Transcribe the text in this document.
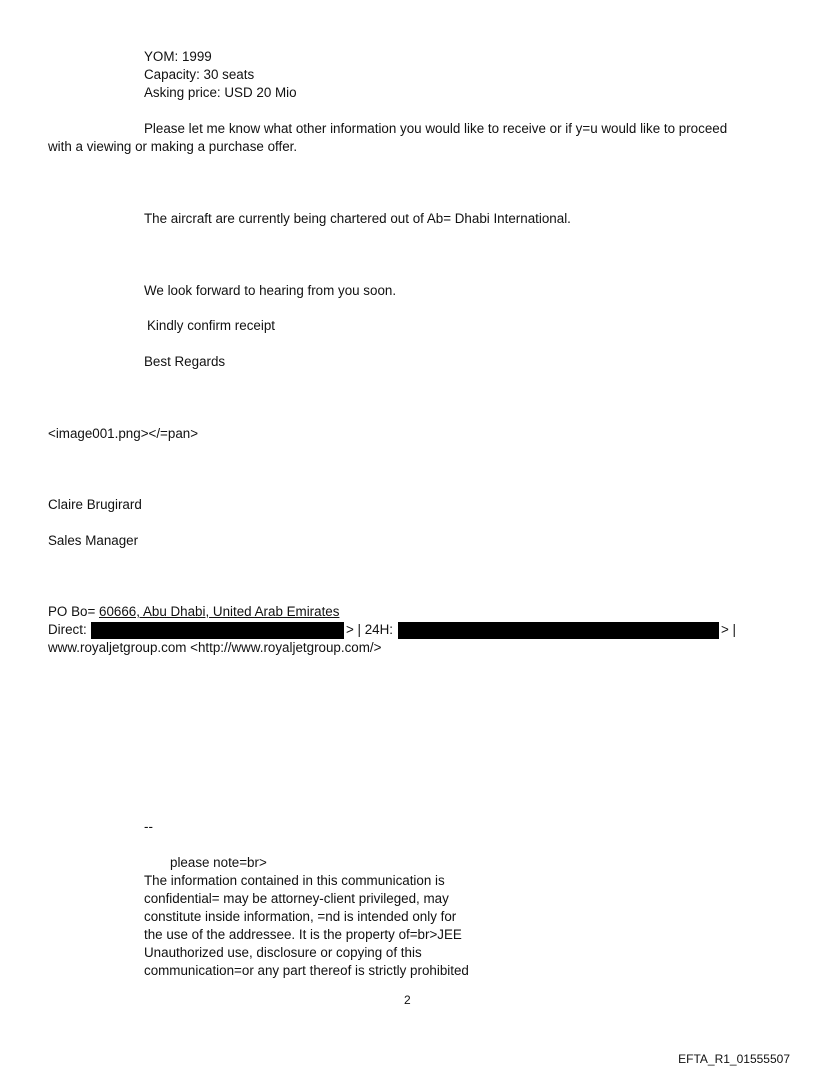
YOM: 1999
Capacity: 30 seats
Asking price: USD 20 Mio
Please let me know what other information you would like to receive or if y=u would like to proceed
with a viewing or making a purchase offer.
The aircraft are currently being chartered out of Ab= Dhabi International.
We look forward to hearing from you soon.
Kindly confirm receipt
Best Regards
<image001.png></=pan>
Claire Brugirard
Sales Manager
PO Bo= 60666, Abu Dhabi, United Arab Emirates
Direct:	> | 24H:	> |
www.royaljetgroup.com <http://www.royaljetgroup.com/>
--
please note=br>
The information contained in this communication is
confidential= may be attorney-client privileged, may
constitute inside information, =nd is intended only for
the use of the addressee. It is the property of=br>JEE
Unauthorized use, disclosure or copying of this
communication=or any part thereof is strictly prohibited
2
EFTA_R1_01555507
